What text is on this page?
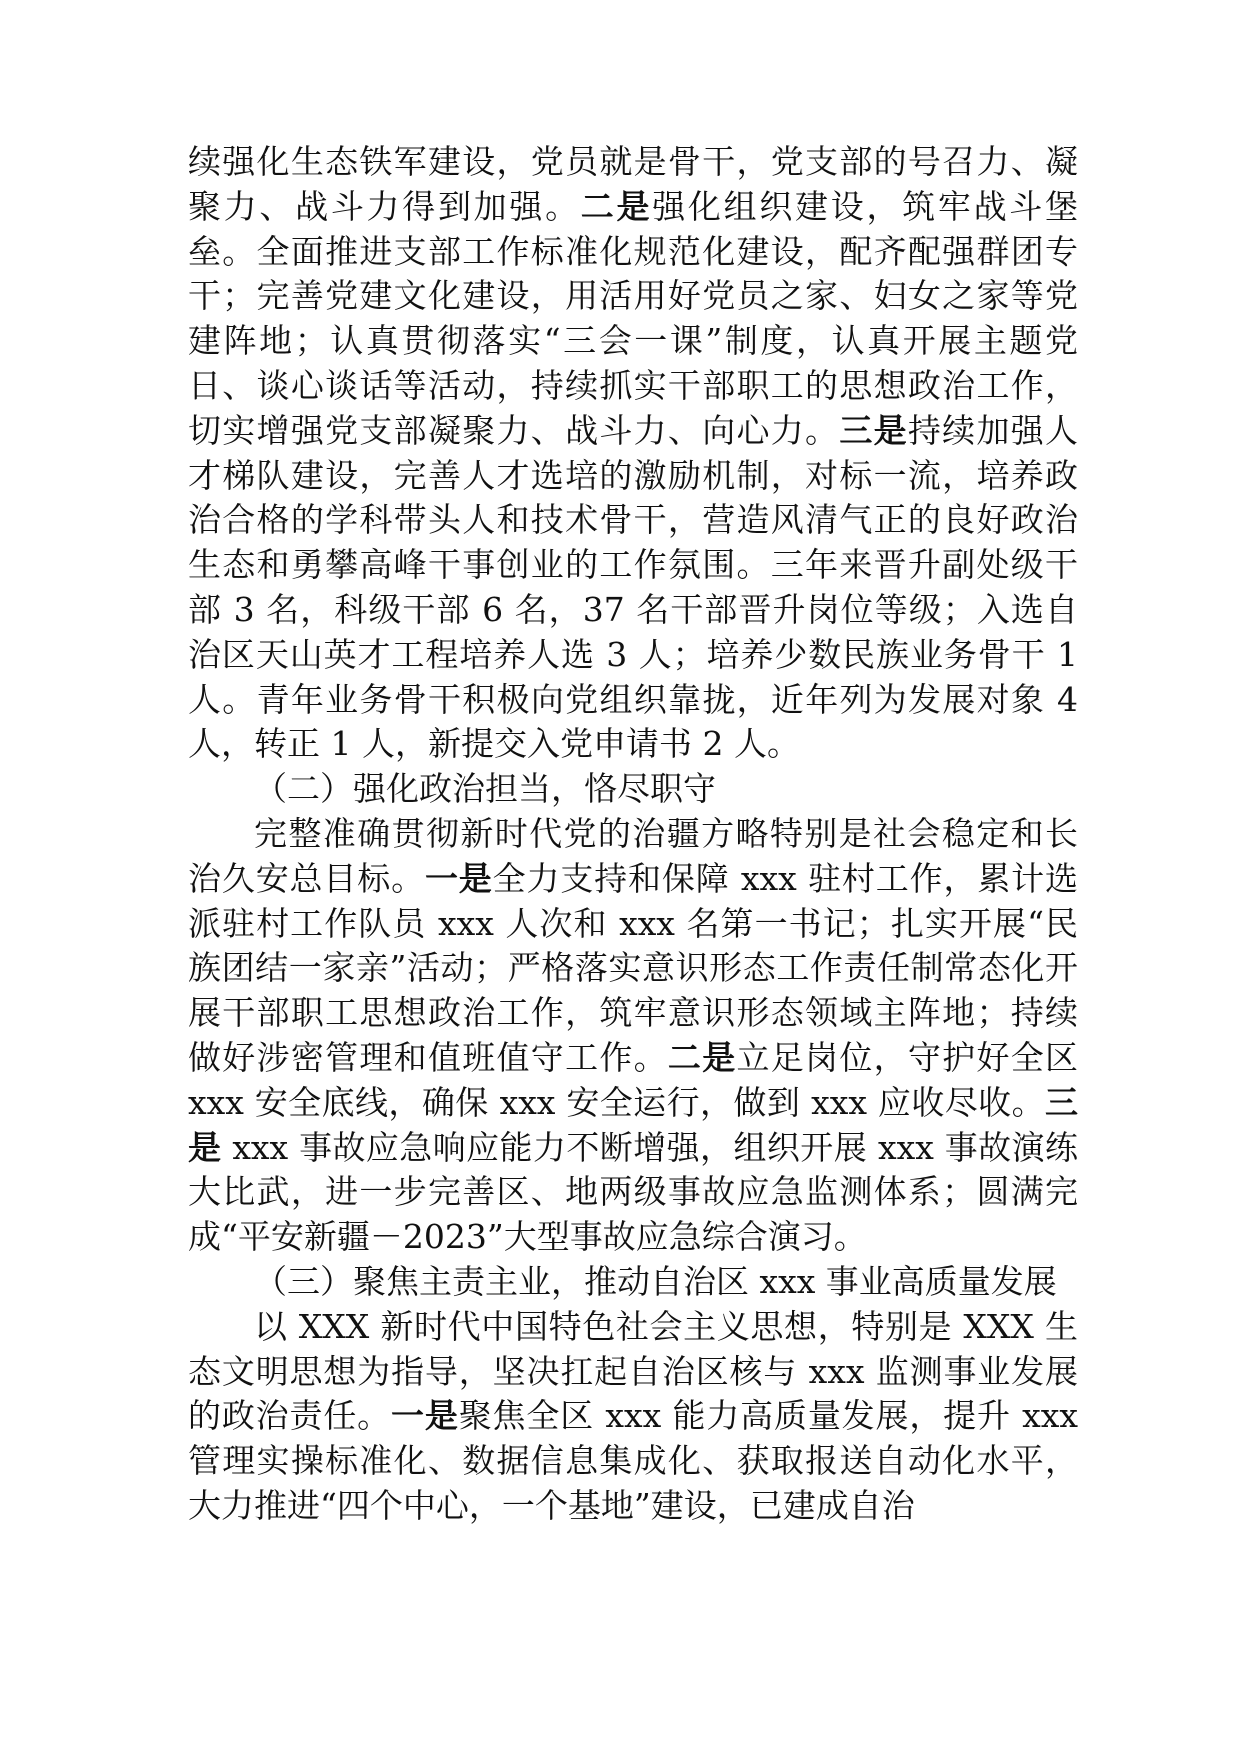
续强化生态铁军建设，党员就是骨干，党支部的号召力、凝聚力、战斗力得到加强。二是强化组织建设，筑牢战斗堡垒。全面推进支部工作标准化规范化建设，配齐配强群团专干；完善党建文化建设，用活用好党员之家、妇女之家等党建阵地；认真贯彻落实“三会一课”制度，认真开展主题党日、谈心谈话等活动，持续抓实干部职工的思想政治工作，切实增强党支部凝聚力、战斗力、向心力。三是持续加强人才梯队建设，完善人才选培的激励机制，对标一流，培养政治合格的学科带头人和技术骨干，营造风清气正的良好政治生态和勇攀高峰干事创业的工作氛围。三年来晋升副处级干部 3 名，科级干部 6 名，37 名干部晋升岗位等级；入选自治区天山英才工程培养人选 3 人；培养少数民族业务骨干 1 人。青年业务骨干积极向党组织靠拢，近年列为发展对象 4 人，转正 1 人，新提交入党申请书 2 人。

（二）强化政治担当，恪尽职守

完整准确贯彻新时代党的治疆方略特别是社会稳定和长治久安总目标。一是全力支持和保障 xxx 驻村工作，累计选派驻村工作队员 xxx 人次和 xxx 名第一书记；扎实开展“民族团结一家亲”活动；严格落实意识形态工作责任制常态化开展干部职工思想政治工作，筑牢意识形态领域主阵地；持续做好涉密管理和值班值守工作。二是立足岗位，守护好全区 xxx 安全底线，确保 xxx 安全运行，做到 xxx 应收尽收。三是 xxx 事故应急响应能力不断增强，组织开展 xxx 事故演练大比武，进一步完善区、地两级事故应急监测体系；圆满完成“平安新疆－2023”大型事故应急综合演习。

（三）聚焦主责主业，推动自治区 xxx 事业高质量发展

以 XXX 新时代中国特色社会主义思想，特别是 XXX 生态文明思想为指导，坚决扛起自治区核与 xxx 监测事业发展的政治责任。一是聚焦全区 xxx 能力高质量发展，提升 xxx 管理实操标准化、数据信息集成化、获取报送自动化水平，大力推进“四个中心，一个基地”建设，已建成自治
